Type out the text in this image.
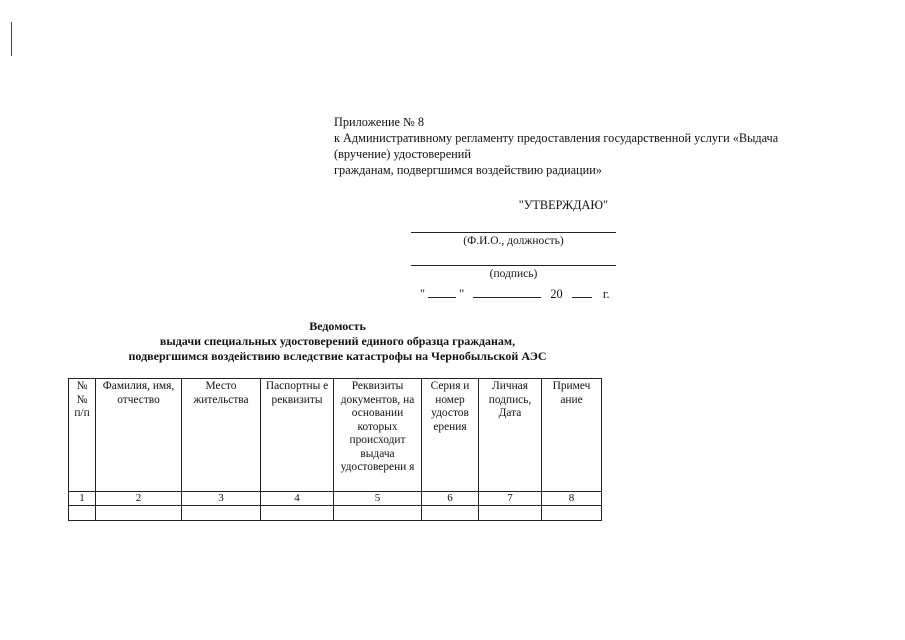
Приложение № 8
к Административному регламенту предоставления государственной услуги «Выдача
(вручение) удостоверений
гражданам, подвергшимся воздействию радиации»
"УТВЕРЖДАЮ"
(Ф.И.О., должность)
(подпись)
"	"	20	г.
Ведомость
выдачи специальных удостоверений единого образца гражданам,
подвергшимся воздействию вследствие катастрофы на Чернобыльской АЭС
№ № п/п	Фамилия, имя, отчество	Место жительства	Паспортны е реквизиты	Реквизиты документов, на основании которых происходит выдача удостоверени я	Серия и номер удостов ерения	Личная подпись, Дата	Примеч ание
1	2	3	4	5	6	7	8
